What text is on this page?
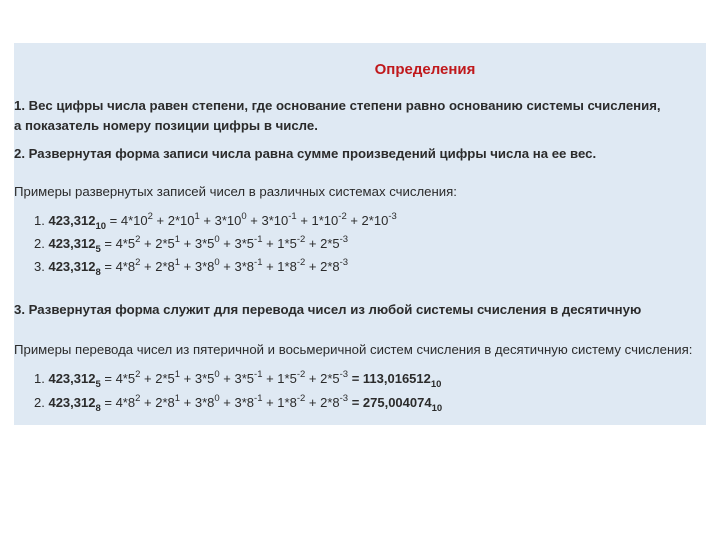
Определения
1. Вес цифры числа равен степени, где основание степени равно основанию системы счисления,
а показатель номеру позиции цифры в числе.
2. Развернутая форма записи числа равна сумме произведений цифры числа на ее вес.
Примеры развернутых записей чисел в различных системах счисления:
1. $423,312_{10} = 4*10^2 + 2*10^1 + 3*10^0 + 3*10^{-1} + 1*10^{-2} + 2*10^{-3}$
2. $423,312_5 = 4*5^2 + 2*5^1 + 3*5^0 + 3*5^{-1} + 1*5^{-2} + 2*5^{-3}$
3. $423,312_8 = 4*8^2 + 2*8^1 + 3*8^0 + 3*8^{-1} + 1*8^{-2} + 2*8^{-3}$
3. Развернутая форма служит для перевода чисел из любой системы счисления в десятичную
Примеры перевода чисел из пятеричной и восьмеричной систем счисления в десятичную систему счисления:
1. $423,312_5 = 4*5^2 + 2*5^1 + 3*5^0 + 3*5^{-1} + 1*5^{-2} + 2*5^{-3} = 113,016512_{10}$
2. $423,312_8 = 4*8^2 + 2*8^1 + 3*8^0 + 3*8^{-1} + 1*8^{-2} + 2*8^{-3} = 275,004074_{10}$
